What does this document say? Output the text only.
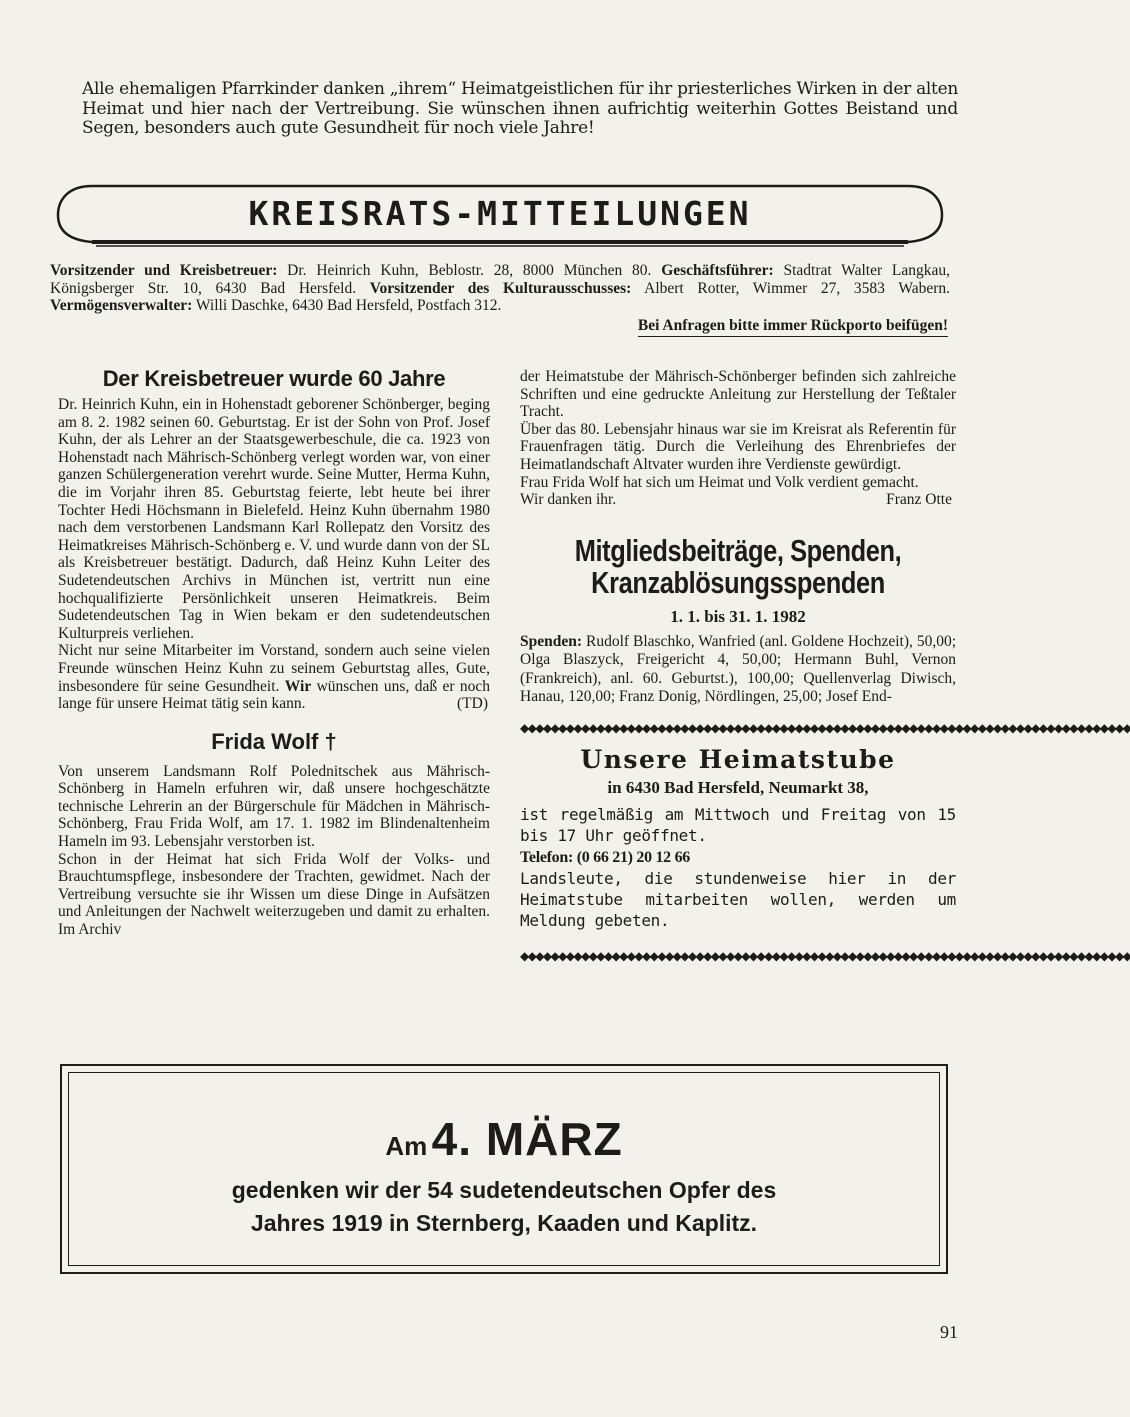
Alle ehemaligen Pfarrkinder danken „ihrem“ Heimatgeistlichen für ihr priesterliches Wirken in der alten Heimat und hier nach der Vertreibung. Sie wünschen ihnen aufrichtig weiterhin Gottes Beistand und Segen, besonders auch gute Gesundheit für noch viele Jahre!
KREISRATS-MITTEILUNGEN
Vorsitzender und Kreisbetreuer: Dr. Heinrich Kuhn, Beblostr. 28, 8000 München 80. Geschäftsführer: Stadtrat Walter Langkau, Königsberger Str. 10, 6430 Bad Hersfeld. Vorsitzender des Kulturausschusses: Albert Rotter, Wimmer 27, 3583 Wabern. Vermögensverwalter: Willi Daschke, 6430 Bad Hersfeld, Postfach 312.
Bei Anfragen bitte immer Rückporto beifügen!
Der Kreisbetreuer wurde 60 Jahre

Dr. Heinrich Kuhn, ein in Hohenstadt geborener Schönberger, beging am 8. 2. 1982 seinen 60. Geburtstag. Er ist der Sohn von Prof. Josef Kuhn, der als Lehrer an der Staatsgewerbeschule, die ca. 1923 von Hohenstadt nach Mährisch-Schönberg verlegt worden war, von einer ganzen Schülergeneration verehrt wurde. Seine Mutter, Herma Kuhn, die im Vorjahr ihren 85. Geburtstag feierte, lebt heute bei ihrer Tochter Hedi Höchsmann in Bielefeld. Heinz Kuhn übernahm 1980 nach dem verstorbenen Landsmann Karl Rollepatz den Vorsitz des Heimatkreises Mährisch-Schönberg e. V. und wurde dann von der SL als Kreisbetreuer bestätigt. Dadurch, daß Heinz Kuhn Leiter des Sudetendeutschen Archivs in München ist, vertritt nun eine hochqualifizierte Persönlichkeit unseren Heimatkreis. Beim Sudetendeutschen Tag in Wien bekam er den sudetendeutschen Kulturpreis verliehen.

Nicht nur seine Mitarbeiter im Vorstand, sondern auch seine vielen Freunde wünschen Heinz Kuhn zu seinem Geburtstag alles, Gute, insbesondere für seine Gesundheit. Wir wünschen uns, daß er noch lange für unsere Heimat tätig sein kann.	(TD)
Frida Wolf †

Von unserem Landsmann Rolf Polednitschek aus Mährisch-Schönberg in Hameln erfuhren wir, daß unsere hochgeschätzte technische Lehrerin an der Bürgerschule für Mädchen in Mährisch-Schönberg, Frau Frida Wolf, am 17. 1. 1982 im Blindenaltenheim Hameln im 93. Lebensjahr verstorben ist.

Schon in der Heimat hat sich Frida Wolf der Volks- und Brauchtumspflege, insbesondere der Trachten, gewidmet. Nach der Vertreibung versuchte sie ihr Wissen um diese Dinge in Aufsätzen und Anleitungen der Nachwelt weiterzugeben und damit zu erhalten. Im Archiv

der Heimatstube der Mährisch-Schönberger befinden sich zahlreiche Schriften und eine gedruckte Anleitung zur Herstellung der Teßtaler Tracht.

Über das 80. Lebensjahr hinaus war sie im Kreisrat als Referentin für Frauenfragen tätig. Durch die Verleihung des Ehrenbriefes der Heimatlandschaft Altvater wurden ihre Verdienste gewürdigt.

Frau Frida Wolf hat sich um Heimat und Volk verdient gemacht.

Wir danken ihr.	Franz Otte
Mitgliedsbeiträge, Spenden,
Kranzablösungsspenden
1. 1. bis 31. 1. 1982
Spenden: Rudolf Blaschko, Wanfried (anl. Goldene Hochzeit), 50,00; Olga Blaszyck, Freigericht 4, 50,00; Hermann Buhl, Vernon (Frankreich), anl. 60. Geburtst.), 100,00; Quellenverlag Diwisch, Hanau, 120,00; Franz Donig, Nördlingen, 25,00; Josef End-
◆◆◆◆◆◆◆◆◆◆◆◆◆◆◆◆◆◆◆◆◆◆◆◆◆◆◆◆◆◆◆◆◆◆◆◆◆◆◆◆◆◆◆◆◆◆◆◆◆◆◆◆◆◆◆◆◆◆◆◆◆◆◆◆◆◆◆◆◆◆◆◆◆◆◆◆◆◆◆◆
Unsere Heimatstube
in 6430 Bad Hersfeld, Neumarkt 38,

ist regelmäßig am Mittwoch und Freitag von 15 bis 17 Uhr geöffnet.

Telefon: (0 66 21) 20 12 66

Landsleute, die stundenweise hier in der Heimatstube mitarbeiten wollen, werden um Meldung gebeten.

◆◆◆◆◆◆◆◆◆◆◆◆◆◆◆◆◆◆◆◆◆◆◆◆◆◆◆◆◆◆◆◆◆◆◆◆◆◆◆◆◆◆◆◆◆◆◆◆◆◆◆◆◆◆◆◆◆◆◆◆◆◆◆◆◆◆◆◆◆◆◆◆◆◆◆◆◆◆◆◆
Am 4. MÄRZ
gedenken wir der 54 sudetendeutschen Opfer des
Jahres 1919 in Sternberg, Kaaden und Kaplitz.
91
